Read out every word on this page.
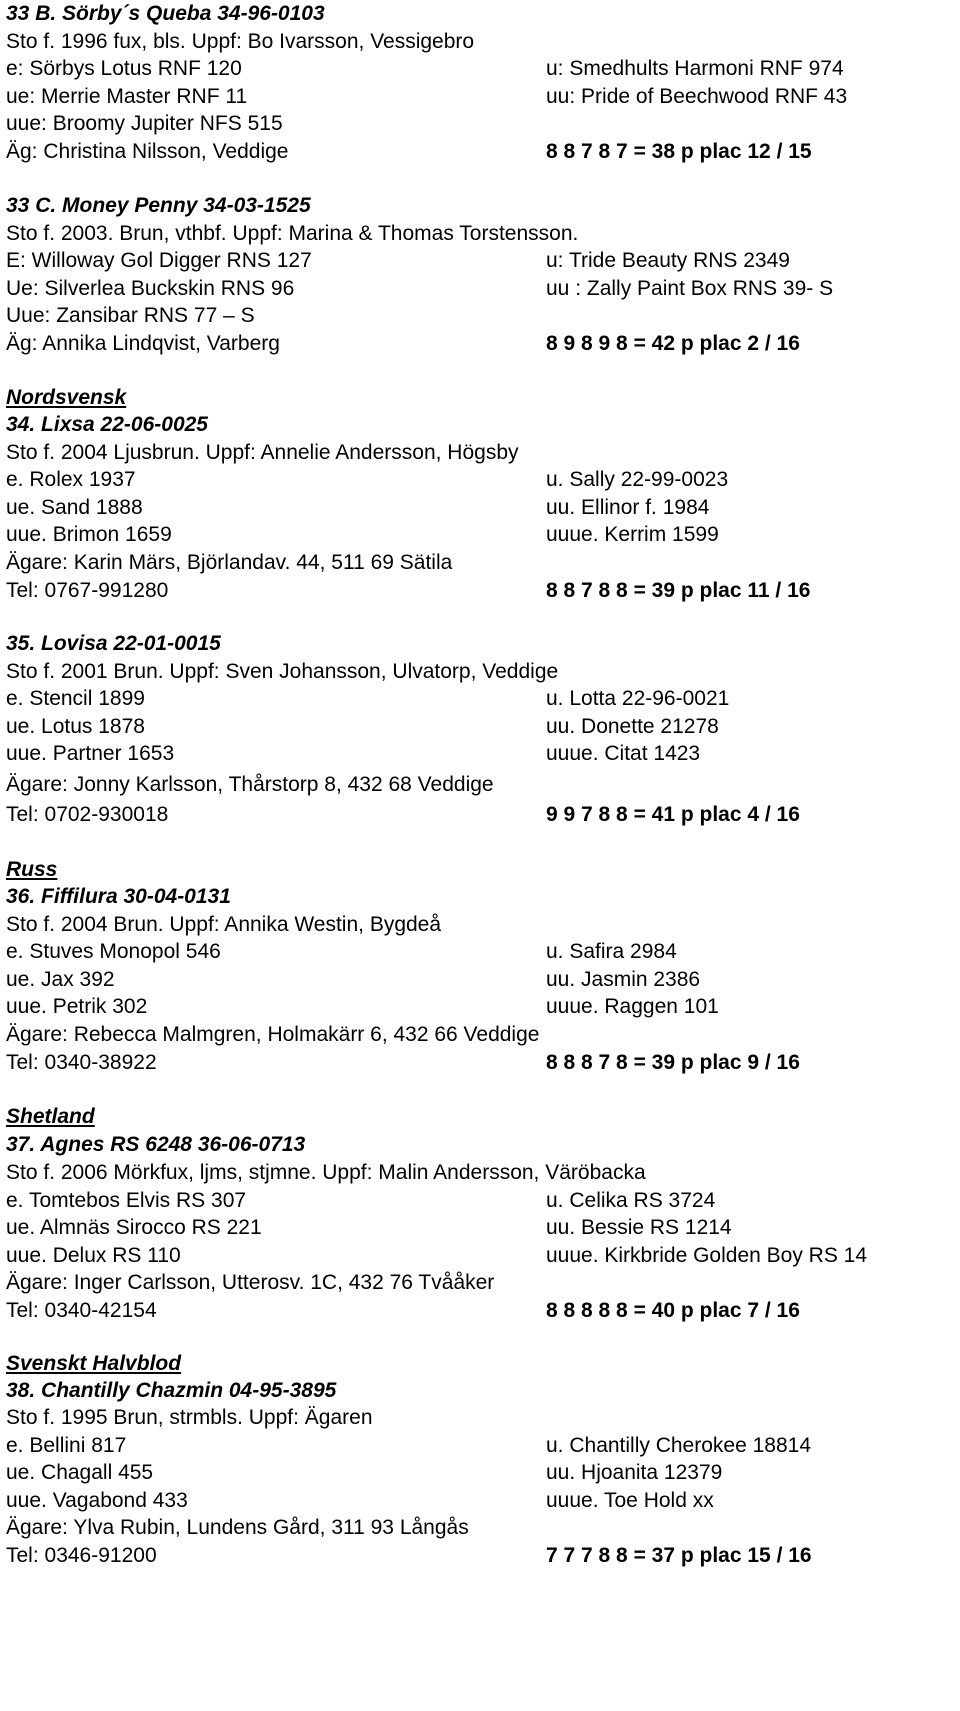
33 B. Sörby´s Queba 34-96-0103
Sto f. 1996 fux, bls. Uppf: Bo Ivarsson, Vessigebro
e: Sörbys Lotus RNF 120	u: Smedhults Harmoni RNF 974
ue: Merrie Master RNF 11	uu: Pride of Beechwood RNF 43
uue: Broomy Jupiter NFS 515
Äg: Christina Nilsson, Veddige	8 8 7 8 7 = 38 p plac 12 / 15
33 C. Money Penny 34-03-1525
Sto f. 2003. Brun, vthbf. Uppf: Marina & Thomas Torstensson.
E: Willoway Gol Digger RNS 127	u: Tride Beauty RNS 2349
Ue: Silverlea Buckskin RNS 96	uu : Zally Paint Box RNS 39- S
Uue: Zansibar RNS 77 – S
Äg: Annika Lindqvist, Varberg	8 9 8 9 8 = 42 p plac 2 / 16
Nordsvensk
34. Lixsa 22-06-0025
Sto f. 2004 Ljusbrun. Uppf: Annelie Andersson, Högsby
e. Rolex 1937	u. Sally 22-99-0023
ue. Sand 1888	uu. Ellinor f. 1984
uue. Brimon 1659	uuue. Kerrim 1599
Ägare: Karin Märs, Björlandav. 44, 511 69 Sätila
Tel: 0767-991280	8 8 7 8 8 = 39 p plac 11 / 16
35. Lovisa 22-01-0015
Sto f. 2001 Brun. Uppf: Sven Johansson, Ulvatorp, Veddige
e. Stencil 1899	u. Lotta 22-96-0021
ue. Lotus 1878	uu. Donette 21278
uue. Partner 1653	uuue. Citat 1423
Ägare: Jonny Karlsson, Thårstorp 8, 432 68 Veddige
Tel: 0702-930018	9 9 7 8 8 = 41 p plac 4 / 16
Russ
36. Fiffilura 30-04-0131
Sto f. 2004 Brun. Uppf: Annika Westin, Bygdeå
e. Stuves Monopol 546	u. Safira 2984
ue. Jax 392	uu. Jasmin 2386
uue. Petrik 302	uuue. Raggen 101
Ägare: Rebecca Malmgren, Holmakärr 6, 432 66 Veddige
Tel: 0340-38922	8 8 8 7 8 = 39 p plac 9 / 16
Shetland
37. Agnes RS 6248 36-06-0713
Sto f. 2006 Mörkfux, ljms, stjmne. Uppf: Malin Andersson, Väröbacka
e. Tomtebos Elvis RS 307	u. Celika RS 3724
ue. Almnäs Sirocco RS 221	uu. Bessie RS 1214
uue. Delux RS 110	uuue. Kirkbride Golden Boy RS 14
Ägare: Inger Carlsson, Utterosv. 1C, 432 76 Tvååker
Tel: 0340-42154	8 8 8 8 8 = 40 p plac 7 / 16
Svenskt Halvblod
38. Chantilly Chazmin 04-95-3895
Sto f. 1995 Brun, strmbls. Uppf: Ägaren
e. Bellini 817	u. Chantilly Cherokee 18814
ue. Chagall 455	uu. Hjoanita 12379
uue. Vagabond 433	uuue. Toe Hold xx
Ägare: Ylva Rubin, Lundens Gård, 311 93 Långås
Tel: 0346-91200	7 7 7 8 8 = 37 p plac 15 / 16
